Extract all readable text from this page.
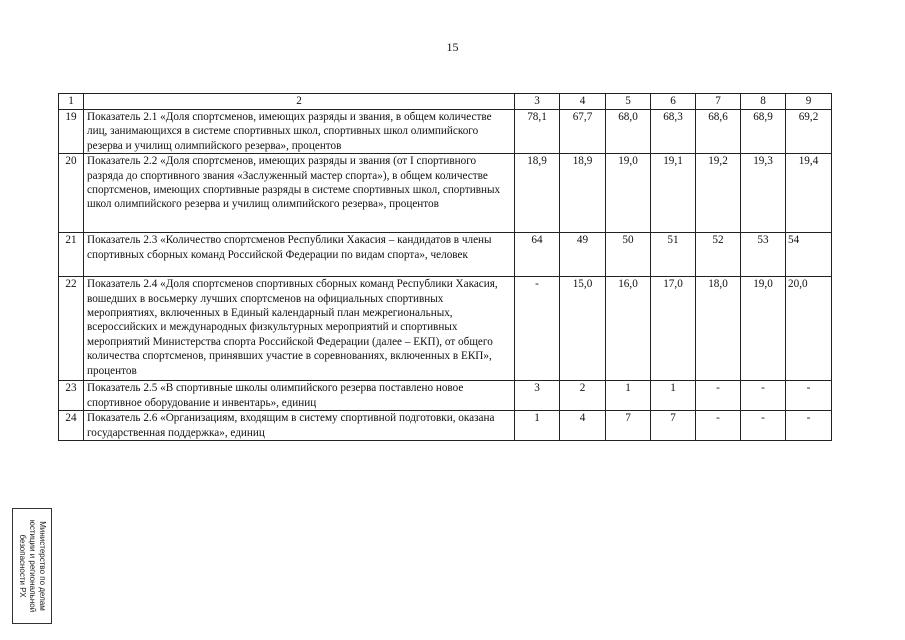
15
1	2	3	4	5	6	7	8	9
19	Показатель 2.1 «Доля спортсменов, имеющих разряды и звания, в общем количестве лиц, занимающихся в системе спортивных школ, спортивных школ олимпийского резерва и училищ олимпийского резерва», процентов	78,1	67,7	68,0	68,3	68,6	68,9	69,2
20	Показатель 2.2 «Доля спортсменов, имеющих разряды и звания (от I спортивного разряда до спортивного звания «Заслуженный мастер спорта»), в общем количестве спортсменов, имеющих спортивные разряды в системе спортивных школ, спортивных школ олимпийского резерва и училищ олимпийского резерва», процентов	18,9	18,9	19,0	19,1	19,2	19,3	19,4
21	Показатель 2.3 «Количество спортсменов Республики Хакасия – кандидатов в члены спортивных сборных команд Российской Федерации по видам спорта», человек	64	49	50	51	52	53	54
22	Показатель 2.4 «Доля спортсменов спортивных сборных команд Республики Хакасия, вошедших в восьмерку лучших спортсменов на официальных спортивных мероприятиях, включенных в Единый календарный план межрегиональных, всероссийских и международных физкультурных мероприятий и спортивных мероприятий Министерства спорта Российской Федерации (далее – ЕКП), от общего количества спортсменов, принявших участие в соревнованиях, включенных в ЕКП», процентов	-	15,0	16,0	17,0	18,0	19,0	20,0
23	Показатель 2.5 «В спортивные школы олимпийского резерва поставлено новое спортивное оборудование и инвентарь», единиц	3	2	1	1	-	-	-
24	Показатель 2.6 «Организациям, входящим в систему спортивной подготовки, оказана государственная поддержка», единиц	1	4	7	7	-	-	-
Министерство по делам
юстиции и региональной
безопасности РХ
